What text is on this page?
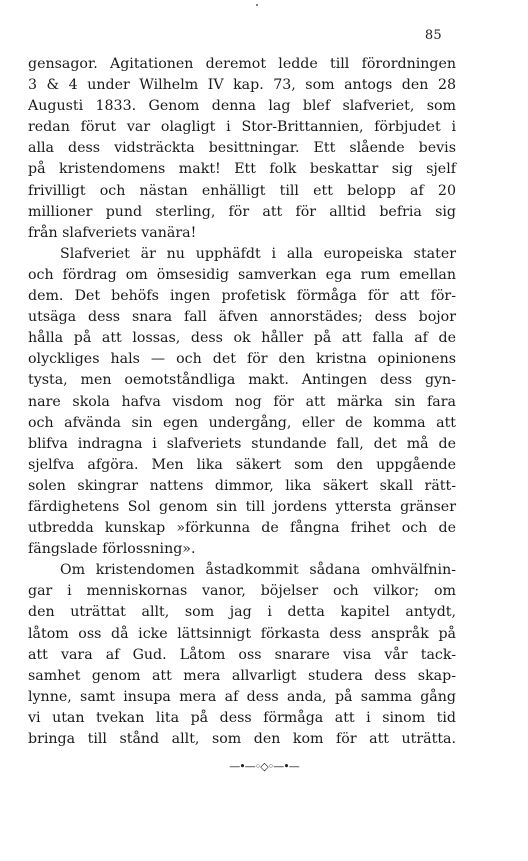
85
gensagor. Agitationen deremot ledde till förordningen
3 & 4 under Wilhelm IV kap. 73, som antogs den 28
Augusti 1833. Genom denna lag blef slafveriet, som
redan förut var olagligt i Stor-Brittannien, förbjudet i
alla dess vidsträckta besittningar. Ett slående bevis
på kristendomens makt! Ett folk beskattar sig sjelf
frivilligt och nästan enhälligt till ett belopp af 20
millioner pund sterling, för att för alltid befria sig
från slafveriets vanära!
Slafveriet är nu upphäfdt i alla europeiska stater
och fördrag om ömsesidig samverkan ega rum emellan
dem. Det behöfs ingen profetisk förmåga för att för-
utsäga dess snara fall äfven annorstädes; dess bojor
hålla på att lossas, dess ok håller på att falla af de
olyckliges hals — och det för den kristna opinionens
tysta, men oemotståndliga makt. Antingen dess gyn-
nare skola hafva visdom nog för att märka sin fara
och afvända sin egen undergång, eller de komma att
blifva indragna i slafveriets stundande fall, det må de
sjelfva afgöra. Men lika säkert som den uppgående
solen skingrar nattens dimmor, lika säkert skall rätt-
färdighetens Sol genom sin till jordens yttersta gränser
utbredda kunskap »förkunna de fångna frihet och de
fängslade förlossning».
Om kristendomen åstadkommit sådana omhvälfnin-
gar i menniskornas vanor, böjelser och vilkor; om
den uträttat allt, som jag i detta kapitel antydt,
låtom oss då icke lättsinnigt förkasta dess anspråk på
att vara af Gud. Låtom oss snarare visa vår tack-
samhet genom att mera allvarligt studera dess skap-
lynne, samt insupa mera af dess anda, på samma gång
vi utan tvekan lita på dess förmåga att i sinom tid
bringa till stånd allt, som den kom för att uträtta.
—•—◦◇◦—•—
